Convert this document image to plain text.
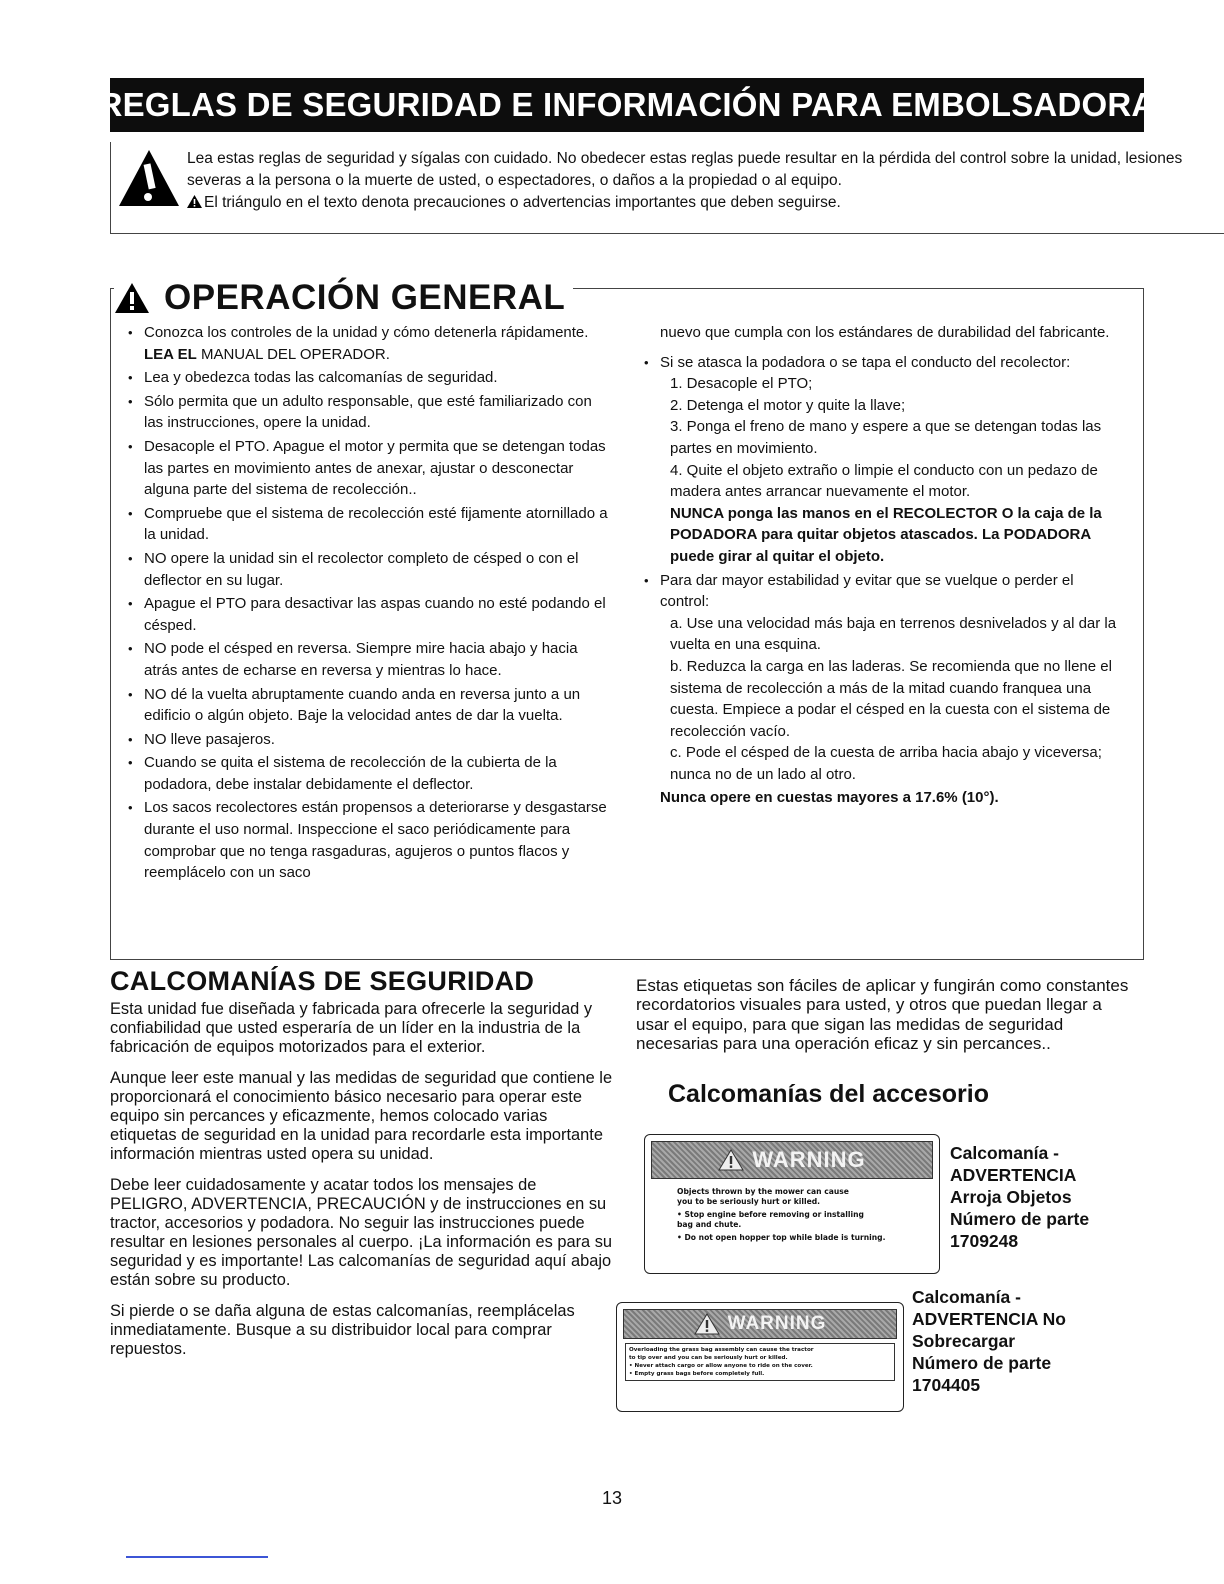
REGLAS DE SEGURIDAD E INFORMACIÓN PARA EMBOLSADORA
Lea estas reglas de seguridad y sígalas con cuidado. No obedecer estas reglas puede resultar en la pérdida del control sobre la unidad, lesiones severas a la persona o la muerte de usted, o espectadores, o daños a la propiedad o al equipo.
El triángulo en el texto denota precauciones o advertencias importantes que deben seguirse.
OPERACIÓN GENERAL
• Conozca los controles de la unidad y cómo detenerla rápidamente. LEA EL MANUAL DEL OPERADOR.
• Lea y obedezca todas las calcomanías de seguridad.
• Sólo permita que un adulto responsable, que esté familiarizado con las instrucciones, opere la unidad.
• Desacople el PTO. Apague el motor y permita que se detengan todas las partes en movimiento antes de anexar, ajustar o desconectar alguna parte del sistema de recolección..
• Compruebe que el sistema de recolección esté fijamente atornillado a la unidad.
• NO opere la unidad sin el recolector completo de césped o con el deflector en su lugar.
• Apague el PTO para desactivar las aspas cuando no esté podando el césped.
• NO pode el césped en reversa. Siempre mire hacia abajo y hacia atrás antes de echarse en reversa y mientras lo hace.
• NO dé la vuelta abruptamente cuando anda en reversa junto a un edificio o algún objeto. Baje la velocidad antes de dar la vuelta.
• NO lleve pasajeros.
• Cuando se quita el sistema de recolección de la cubierta de la podadora, debe instalar debidamente el deflector.
• Los sacos recolectores están propensos a deteriorarse y desgastarse durante el uso normal. Inspeccione el saco periódicamente para comprobar que no tenga rasgaduras, agujeros o puntos flacos y reemplácelo con un saco
nuevo que cumpla con los estándares de durabilidad del fabricante.
• Si se atasca la podadora o se tapa el conducto del recolector:
1. Desacople el PTO;
2. Detenga el motor y quite la llave;
3. Ponga el freno de mano y espere a que se detengan todas las partes en movimiento.
4. Quite el objeto extraño o limpie el conducto con un pedazo de madera antes arrancar nuevamente el motor.
NUNCA ponga las manos en el RECOLECTOR O la caja de la PODADORA para quitar objetos atascados. La PODADORA puede girar al quitar el objeto.
• Para dar mayor estabilidad y evitar que se vuelque o perder el control:
a. Use una velocidad más baja en terrenos desnivelados y al dar la vuelta en una esquina.
b. Reduzca la carga en las laderas. Se recomienda que no llene el sistema de recolección a más de la mitad cuando franquea una cuesta. Empiece a podar el césped en la cuesta con el sistema de recolección vacío.
c. Pode el césped de la cuesta de arriba hacia abajo y viceversa; nunca no de un lado al otro.
Nunca opere en cuestas mayores a 17.6% (10°).
CALCOMANÍAS DE SEGURIDAD
Esta unidad fue diseñada y fabricada para ofrecerle la seguridad y confiabilidad que usted esperaría de un líder en la industria de la fabricación de equipos motorizados para el exterior.
Aunque leer este manual y las medidas de seguridad que contiene le proporcionará el conocimiento básico necesario para operar este equipo sin percances y eficazmente, hemos colocado varias etiquetas de seguridad en la unidad para recordarle esta importante información mientras usted opera su unidad.
Debe leer cuidadosamente y acatar todos los mensajes de PELIGRO, ADVERTENCIA, PRECAUCIÓN y de instrucciones en su tractor, accesorios y podadora. No seguir las instrucciones puede resultar en lesiones personales al cuerpo. ¡La información es para su seguridad y es importante! Las calcomanías de seguridad aquí abajo están sobre su producto.
Si pierde o se daña alguna de estas calcomanías, reemplácelas inmediatamente. Busque a su distribuidor local para comprar repuestos.
Estas etiquetas son fáciles de aplicar y fungirán como constantes recordatorios visuales para usted, y otros que puedan llegar a usar el equipo, para que sigan las medidas de seguridad necesarias para una operación eficaz y sin percances..
Calcomanías del accesorio
WARNING
Objects thrown by the mower can cause
you to be seriously hurt or killed.
• Stop engine before removing or installing
bag and chute.
• Do not open hopper top while blade is turning.
Calcomanía -
ADVERTENCIA
Arroja Objetos
Número de parte
1709248
WARNING
Overloading the grass bag assembly can cause the tractor
to tip over and you can be seriously hurt or killed.
• Never attach cargo or allow anyone to ride on the cover.
• Empty grass bags before completely full.
Calcomanía -
ADVERTENCIA No
Sobrecargar
Número de parte
1704405
13
